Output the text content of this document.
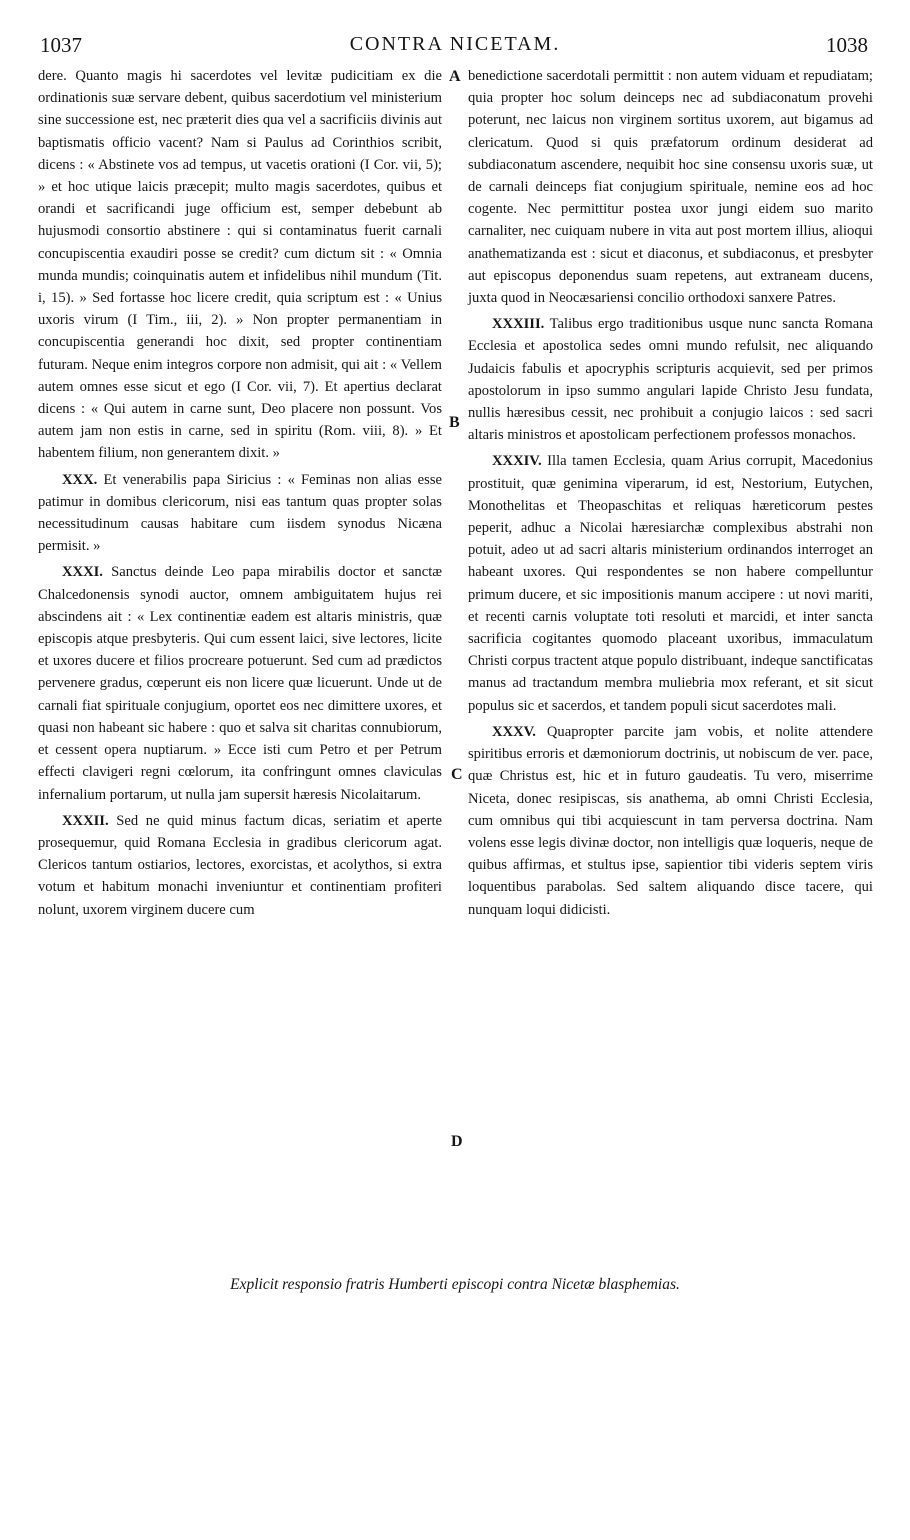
1037	CONTRA NICETAM.	1038

dere. Quanto magis hi sacerdotes vel levitæ pudicitiam ex die ordinationis suæ servare debent, quibus sacerdotium vel ministerium sine successione est, nec præterit dies qua vel a sacrificiis divinis aut baptismatis officio vacent? Nam si Paulus ad Corinthios scribit, dicens : « Abstinete vos ad tempus, ut vacetis orationi (I Cor. vii, 5); » et hoc utique laicis præcepit; multo magis sacerdotes, quibus et orandi et sacrificandi juge officium est, semper debebunt ab hujusmodi consortio abstinere : qui si contaminatus fuerit carnali concupiscentia exaudiri posse se credit? cum dictum sit : « Omnia munda mundis; coinquinatis autem et infidelibus nihil mundum (Tit. i, 15). » Sed fortasse hoc licere credit, quia scriptum est : « Unius uxoris virum (I Tim., iii, 2). » Non propter permanentiam in concupiscentia generandi hoc dixit, sed propter continentiam futuram. Neque enim integros corpore non admisit, qui ait : « Vellem autem omnes esse sicut et ego (I Cor. vii, 7). Et apertius declarat dicens : « Qui autem in carne sunt, Deo placere non possunt. Vos autem jam non estis in carne, sed in spiritu (Rom. viii, 8). » Et habentem filium, non generantem dixit. »

XXX. Et venerabilis papa Siricius : « Feminas non alias esse patimur in domibus clericorum, nisi eas tantum quas propter solas necessitudinum causas habitare cum iisdem synodus Nicæna permisit. »

XXXI. Sanctus deinde Leo papa mirabilis doctor et sanctæ Chalcedonensis synodi auctor, omnem ambiguitatem hujus rei abscindens ait : « Lex continentiæ eadem est altaris ministris, quæ episcopis atque presbyteris. Qui cum essent laici, sive lectores, licite et uxores ducere et filios procreare potuerunt. Sed cum ad prædictos pervenere gradus, cœperunt eis non licere quæ licuerunt. Unde ut de carnali fiat spirituale conjugium, oportet eos nec dimittere uxores, et quasi non habeant sic habere : quo et salva sit charitas connubiorum, et cessent opera nuptiarum. » Ecce isti cum Petro et per Petrum effecti clavigeri regni cœlorum, ita confringunt omnes claviculas infernalium portarum, ut nulla jam supersit hæresis Nicolaitarum.

XXXII. Sed ne quid minus factum dicas, seriatim et aperte prosequemur, quid Romana Ecclesia in gradibus clericorum agat. Clericos tantum ostiarios, lectores, exorcistas, et acolythos, si extra votum et habitum monachi inveniuntur et continentiam profiteri nolunt, uxorem virginem ducere cum

benedictione sacerdotali permittit : non autem viduam et repudiatam; quia propter hoc solum deinceps nec ad subdiaconatum provehi poterunt, nec laicus non virginem sortitus uxorem, aut bigamus ad clericatum. Quod si quis præfatorum ordinum desiderat ad subdiaconatum ascendere, nequibit hoc sine consensu uxoris suæ, ut de carnali deinceps fiat conjugium spirituale, nemine eos ad hoc cogente. Nec permittitur postea uxor jungi eidem suo marito carnaliter, nec cuiquam nubere in vita aut post mortem illius, alioqui anathematizanda est : sicut et diaconus, et subdiaconus, et presbyter aut episcopus deponendus suam repetens, aut extraneam ducens, juxta quod in Neocæsariensi concilio orthodoxi sanxere Patres.

XXXIII. Talibus ergo traditionibus usque nunc sancta Romana Ecclesia et apostolica sedes omni mundo refulsit, nec aliquando Judaicis fabulis et apocryphis scripturis acquievit, sed per primos apostolorum in ipso summo angulari lapide Christo Jesu fundata, nullis hæresibus cessit, nec prohibuit a conjugio laicos : sed sacri altaris ministros et apostolicam perfectionem professos monachos.

XXXIV. Illa tamen Ecclesia, quam Arius corrupit, Macedonius prostituit, quæ genimina viperarum, id est, Nestorium, Eutychen, Monothelitas et Theopaschitas et reliquas hæreticorum pestes peperit, adhuc a Nicolai hæresiarchæ complexibus abstrahi non potuit, adeo ut ad sacri altaris ministerium ordinandos interroget an habeant uxores. Qui respondentes se non habere compelluntur primum ducere, et sic impositionis manum accipere : ut novi mariti, et recenti carnis voluptate toti resoluti et marcidi, et inter sancta sacrificia cogitantes quomodo placeant uxoribus, immaculatum Christi corpus tractent atque populo distribuant, indeque sanctificatas manus ad tractandum membra muliebria mox referant, et sit sicut populus sic et sacerdos, et tandem populi sicut sacerdotes mali.

XXXV. Quapropter parcite jam vobis, et nolite attendere spiritibus erroris et dæmoniorum doctrinis, ut nobiscum de ver. pace, quæ Christus est, hic et in futuro gaudeatis. Tu vero, miserrime Niceta, donec resipiscas, sis anathema, ab omni Christi Ecclesia, cum omnibus qui tibi acquiescunt in tam perversa doctrina. Nam volens esse legis divinæ doctor, non intelligis quæ loqueris, neque de quibus affirmas, et stultus ipse, sapientior tibi videris septem viris loquentibus parabolas. Sed saltem aliquando disce tacere, qui nunquam loqui didicisti.

A
B
C
D
Explicit responsio fratris Humberti episcopi contra Nicetæ blasphemias.
